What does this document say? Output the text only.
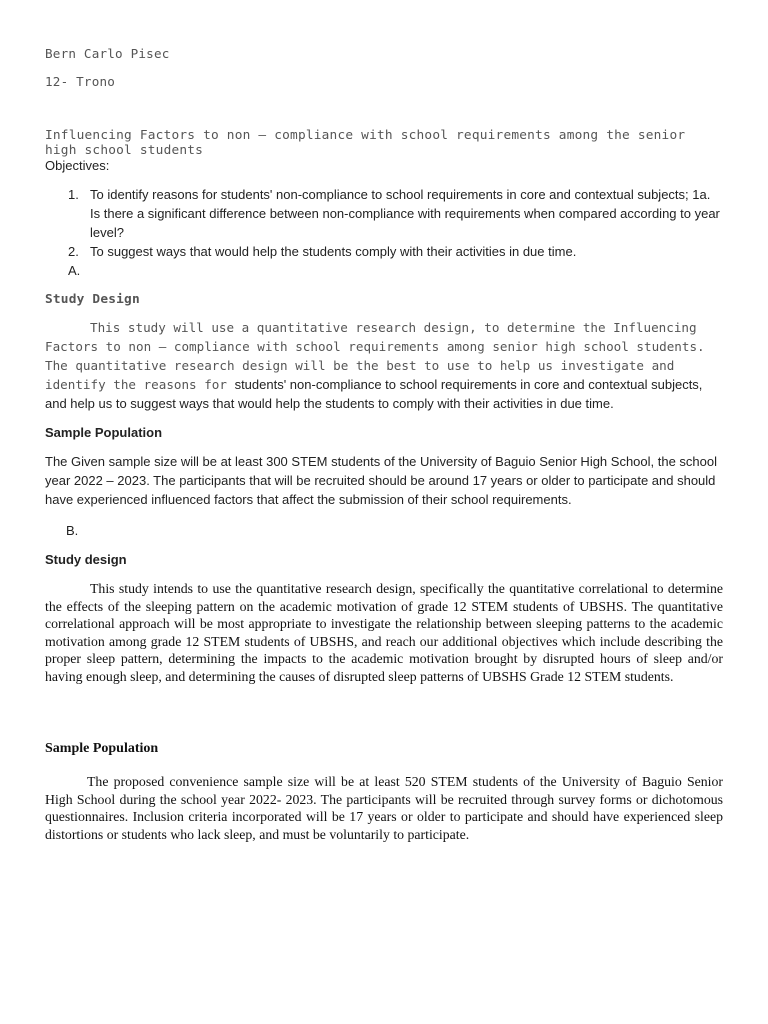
Bern Carlo Pisec
12- Trono
Influencing Factors to non – compliance with school requirements among the senior high school students
Objectives:
1. To identify reasons for students' non-compliance to school requirements in core and contextual subjects; 1a. Is there a significant difference between non-compliance with requirements when compared according to year level?
2. To suggest ways that would help the students comply with their activities in due time.
A.

Study Design

This study will use a quantitative research design, to determine the Influencing Factors to non – compliance with school requirements among senior high school students. The quantitative research design will be the best to use to help us investigate and identify the reasons for students' non-compliance to school requirements in core and contextual subjects, and help us to suggest ways that would help the students to comply with their activities in due time.

Sample Population
The Given sample size will be at least 300 STEM students of the University of Baguio Senior High School, the school year 2022 – 2023. The participants that will be recruited should be around 17 years or older to participate and should have experienced influenced factors that affect the submission of their school requirements.
B.
Study design
This study intends to use the quantitative research design, specifically the quantitative correlational to determine the effects of the sleeping pattern on the academic motivation of grade 12 STEM students of UBSHS. The quantitative correlational approach will be most appropriate to investigate the relationship between sleeping patterns to the academic motivation among grade 12 STEM students of UBSHS, and reach our additional objectives which include describing the proper sleep pattern, determining the impacts to the academic motivation brought by disrupted hours of sleep and/or having enough sleep, and determining the causes of disrupted sleep patterns of UBSHS Grade 12 STEM students.
Sample Population
The proposed convenience sample size will be at least 520 STEM students of the University of Baguio Senior High School during the school year 2022- 2023. The participants will be recruited through survey forms or dichotomous questionnaires. Inclusion criteria incorporated will be 17 years or older to participate and should have experienced sleep distortions or students who lack sleep, and must be voluntarily to participate.
